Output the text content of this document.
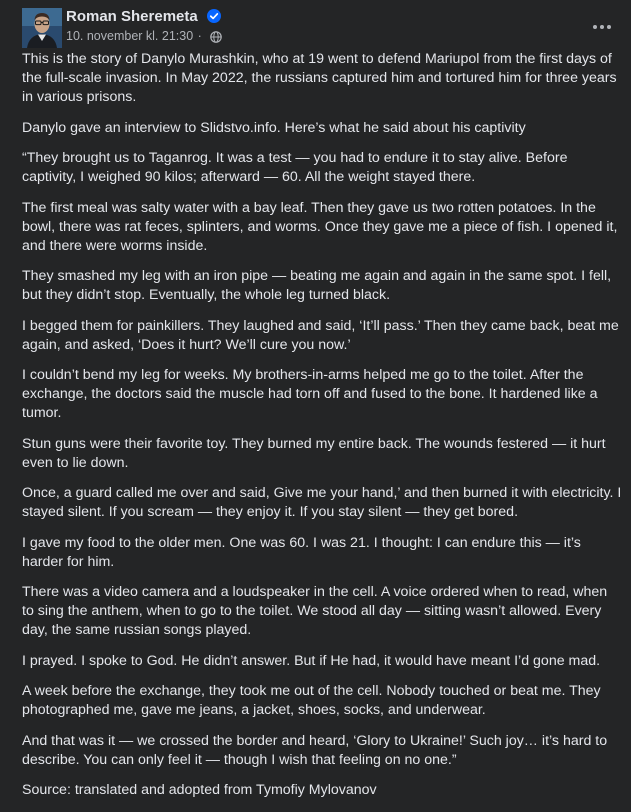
Roman Sheremeta
10. november kl. 21:30 ·

This is the story of Danylo Murashkin, who at 19 went to defend Mariupol from the first days of the full-scale invasion. In May 2022, the russians captured him and tortured him for three years in various prisons.

Danylo gave an interview to Slidstvo.info. Here’s what he said about his captivity

“They brought us to Taganrog. It was a test — you had to endure it to stay alive. Before captivity, I weighed 90 kilos; afterward — 60. All the weight stayed there.

The first meal was salty water with a bay leaf. Then they gave us two rotten potatoes. In the bowl, there was rat feces, splinters, and worms. Once they gave me a piece of fish. I opened it, and there were worms inside.

They smashed my leg with an iron pipe — beating me again and again in the same spot. I fell, but they didn’t stop. Eventually, the whole leg turned black.

I begged them for painkillers. They laughed and said, ‘It’ll pass.’ Then they came back, beat me again, and asked, ‘Does it hurt? We’ll cure you now.’

I couldn’t bend my leg for weeks. My brothers-in-arms helped me go to the toilet. After the exchange, the doctors said the muscle had torn off and fused to the bone. It hardened like a tumor.

Stun guns were their favorite toy. They burned my entire back. The wounds festered — it hurt even to lie down.

Once, a guard called me over and said, Give me your hand,’ and then burned it with electricity. I stayed silent. If you scream — they enjoy it. If you stay silent — they get bored.

I gave my food to the older men. One was 60. I was 21. I thought: I can endure this — it’s harder for him.

There was a video camera and a loudspeaker in the cell. A voice ordered when to read, when to sing the anthem, when to go to the toilet. We stood all day — sitting wasn’t allowed. Every day, the same russian songs played.

I prayed. I spoke to God. He didn’t answer. But if He had, it would have meant I’d gone mad.

A week before the exchange, they took me out of the cell. Nobody touched or beat me. They photographed me, gave me jeans, a jacket, shoes, socks, and underwear.

And that was it — we crossed the border and heard, ‘Glory to Ukraine!’ Such joy… it’s hard to describe. You can only feel it — though I wish that feeling on no one.”

Source: translated and adopted from Tymofiy Mylovanov
